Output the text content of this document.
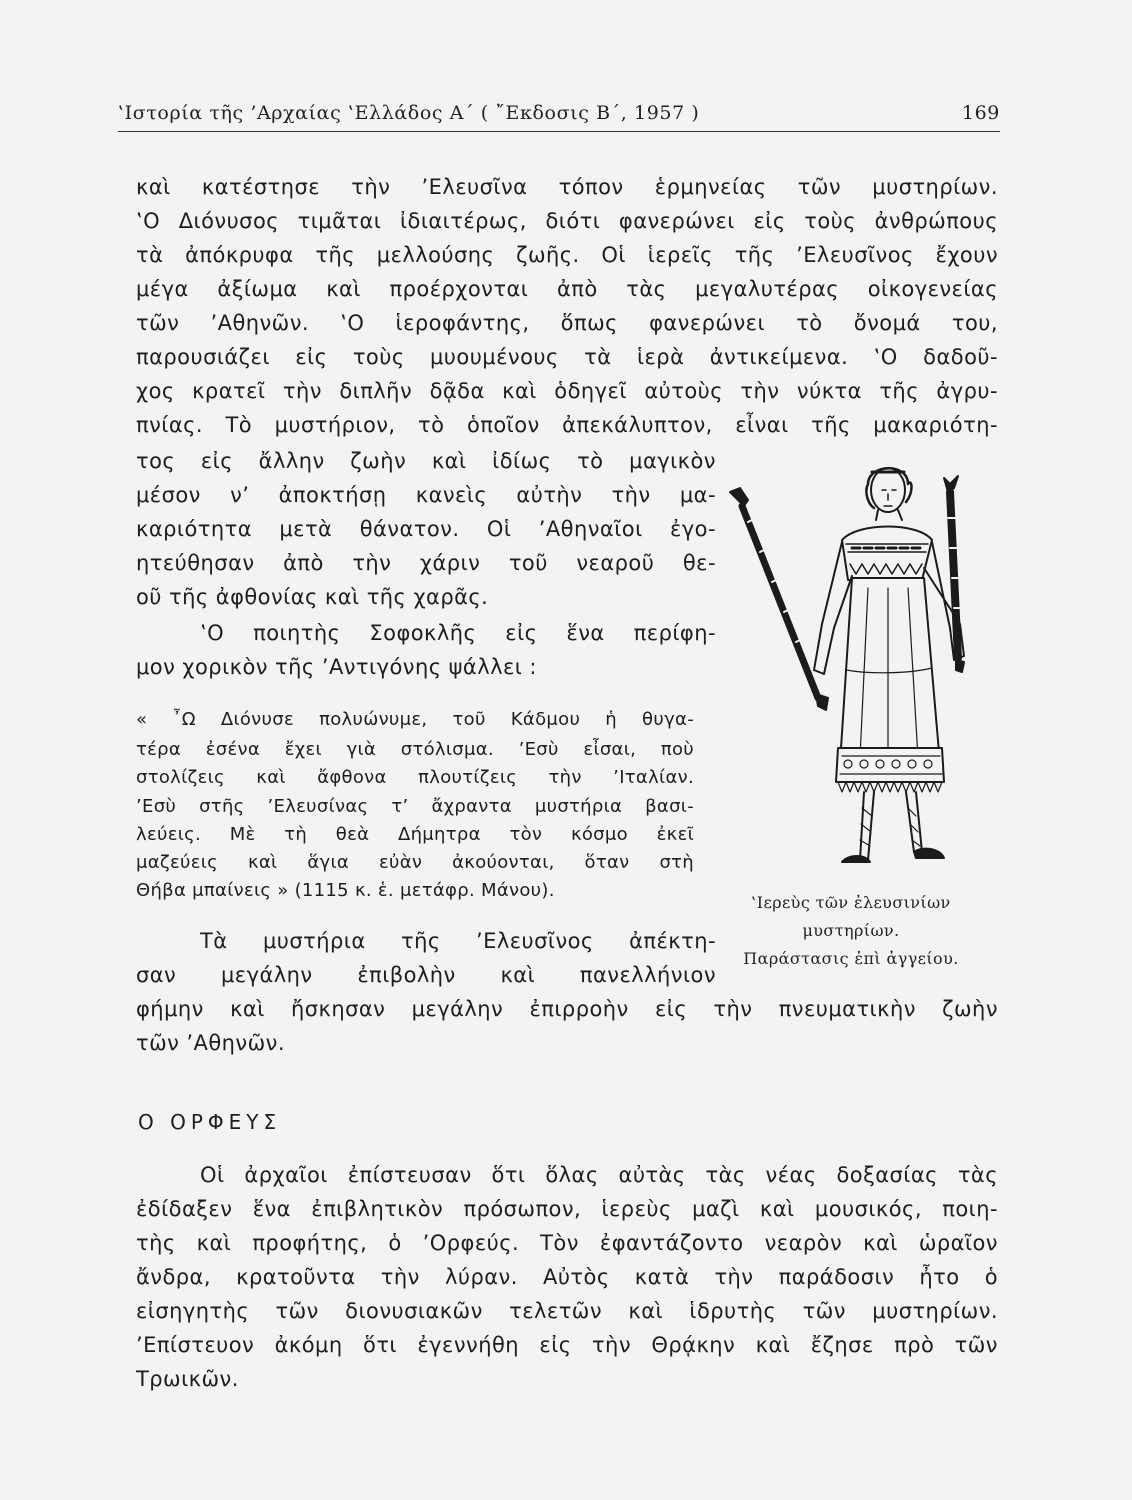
‛Ιστορία τῆς ’Αρχαίας ‛Ελλάδος Α΄ ( ῎Εκδοσις Β΄, 1957 )	169
καὶ κατέστησε τὴν ’Ελευσῖνα τόπον ἑρμηνείας τῶν μυστηρίων.
‛Ο Διόνυσος τιμᾶται ἰδιαιτέρως, διότι φανερώνει εἰς τοὺς ἀνθρώπους
τὰ ἀπόκρυφα τῆς μελλούσης ζωῆς. Οἱ ἱερεῖς τῆς ’Ελευσῖνος ἔχουν
μέγα ἀξίωμα καὶ προέρχονται ἀπὸ τὰς μεγαλυτέρας οἰκογενείας
τῶν ’Αθηνῶν. ‛Ο ἱεροφάντης, ὅπως φανερώνει τὸ ὄνομά του,
παρουσιάζει εἰς τοὺς μυουμένους τὰ ἱερὰ ἀντικείμενα. ‛Ο δαδοῦ-
χος κρατεῖ τὴν διπλῆν δᾷδα καὶ ὁδηγεῖ αὐτοὺς τὴν νύκτα τῆς ἀγρυ-
πνίας. Τὸ μυστήριον, τὸ ὁποῖον ἀπεκάλυπτον, εἶναι τῆς μακαριότη-
τος εἰς ἄλλην ζωὴν καὶ ἰδίως τὸ μαγικὸν
μέσον ν’ ἀποκτήσῃ κανεὶς αὐτὴν τὴν μα-
καριότητα μετὰ θάνατον. Οἱ ’Αθηναῖοι ἐγο-
ητεύθησαν ἀπὸ τὴν χάριν τοῦ νεαροῦ θε-
οῦ τῆς ἀφθονίας καὶ τῆς χαρᾶς.
‛Ο ποιητὴς Σοφοκλῆς εἰς ἕνα περίφη-
μον χορικὸν τῆς ’Αντιγόνης ψάλλει :
« ῏Ω Διόνυσε πολυώνυμε, τοῦ Κάδμου ἡ θυγα-
τέρα ἐσένα ἔχει γιὰ στόλισμα. ’Εσὺ εἶσαι, ποὺ
στολίζεις καὶ ἄφθονα πλουτίζεις τὴν ’Ιταλίαν.
’Εσὺ στῆς ’Ελευσίνας τ’ ἄχραντα μυστήρια βασι-
λεύεις. Μὲ τὴ θεὰ Δήμητρα τὸν κόσμο ἐκεῖ
μαζεύεις καὶ ἅγια εὐὰν ἀκούονται, ὅταν στὴ
Θήβα μπαίνεις » (1115 κ. ἑ. μετάφρ. Μάνου).
Τὰ μυστήρια τῆς ’Ελευσῖνος ἀπέκτη-
σαν μεγάλην ἐπιβολὴν καὶ πανελλήνιον
φήμην καὶ ἤσκησαν μεγάλην ἐπιρροὴν εἰς τὴν πνευματικὴν ζωὴν
τῶν ’Αθηνῶν.
‛Ιερεὺς τῶν ἐλευσινίων
μυστηρίων.
Παράστασις ἐπὶ ἀγγείου.
Ο ΟΡΦΕΥΣ
Οἱ ἀρχαῖοι ἐπίστευσαν ὅτι ὅλας αὐτὰς τὰς νέας δοξασίας τὰς
ἐδίδαξεν ἕνα ἐπιβλητικὸν πρόσωπον, ἱερεὺς μαζὶ καὶ μουσικός, ποιη-
τὴς καὶ προφήτης, ὁ ’Ορφεύς. Τὸν ἐφαντάζοντο νεαρὸν καὶ ὡραῖον
ἄνδρα, κρατοῦντα τὴν λύραν. Αὐτὸς κατὰ τὴν παράδοσιν ἦτο ὁ
εἰσηγητὴς τῶν διονυσιακῶν τελετῶν καὶ ἱδρυτὴς τῶν μυστηρίων.
’Επίστευον ἀκόμη ὅτι ἐγεννήθη εἰς τὴν Θρᾴκην καὶ ἔζησε πρὸ τῶν
Τρωικῶν.
